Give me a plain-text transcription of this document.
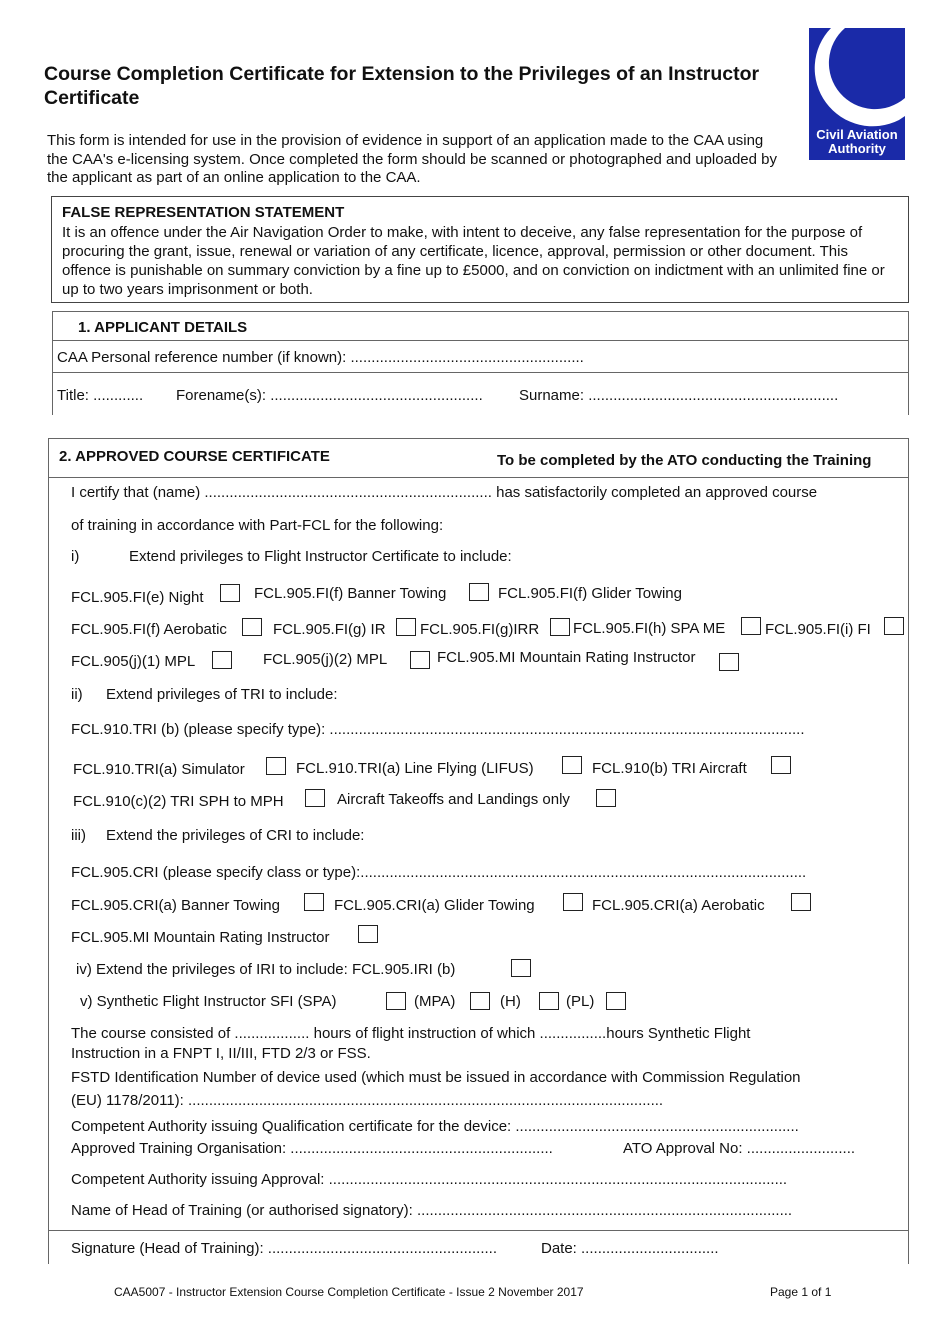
Course Completion Certificate for Extension to the Privileges of an Instructor Certificate
Civil Aviation
Authority
This form is intended for use in the provision of evidence in support of an application made to the CAA using the CAA's e-licensing system. Once completed the form should be scanned or photographed and uploaded by the applicant as part of an online application to the CAA.
FALSE REPRESENTATION STATEMENT
It is an offence under the Air Navigation Order to make, with intent to deceive, any false representation for the purpose of procuring the grant, issue, renewal or variation of any certificate, licence, approval, permission or other document. This offence is punishable on summary conviction by a fine up to £5000, and on conviction on indictment with an unlimited fine or up to two years imprisonment or both.
1. APPLICANT DETAILS
CAA Personal reference number (if known): ........................................................
Title: ............ Forename(s): ................................................... Surname: ............................................................
2. APPROVED COURSE CERTIFICATE	To be completed by the ATO conducting the Training
I certify that (name) ..................................................................... has satisfactorily completed an approved course
of training in accordance with Part-FCL for the following:
i)	Extend privileges to Flight Instructor Certificate to include:
FCL.905.FI(e) Night	FCL.905.FI(f) Banner Towing	FCL.905.FI(f) Glider Towing
FCL.905.FI(f) Aerobatic	FCL.905.FI(g) IR FCL.905.FI(g)IRR FCL.905.FI(h) SPA ME	FCL.905.FI(i) FI
FCL.905(j)(1) MPL	FCL.905(j)(2) MPL	FCL.905.MI Mountain Rating Instructor
ii) Extend privileges of TRI to include:
FCL.910.TRI (b) (please specify type): ..................................................................................................................
FCL.910.TRI(a) Simulator	FCL.910.TRI(a) Line Flying (LIFUS)	FCL.910(b) TRI Aircraft
FCL.910(c)(2) TRI SPH to MPH	Aircraft Takeoffs and Landings only
iii) Extend the privileges of CRI to include:
FCL.905.CRI (please specify class or type):...........................................................................................................
FCL.905.CRI(a) Banner Towing	FCL.905.CRI(a) Glider Towing	FCL.905.CRI(a) Aerobatic
FCL.905.MI Mountain Rating Instructor
iv) Extend the privileges of IRI to include: FCL.905.IRI (b)
v) Synthetic Flight Instructor SFI (SPA)	(MPA)	(H)	(PL)
The course consisted of .................. hours of flight instruction of which ................hours Synthetic Flight
Instruction in a FNPT I, II/III, FTD 2/3 or FSS.
FSTD Identification Number of device used (which must be issued in accordance with Commission Regulation
(EU) 1178/2011): ..................................................................................................................
Competent Authority issuing Qualification certificate for the device: ....................................................................
Approved Training Organisation: ...............................................................	ATO Approval No: ..........................
Competent Authority issuing Approval: ..............................................................................................................
Name of Head of Training (or authorised signatory): ..........................................................................................
Signature (Head of Training): .......................................................	Date: .................................
CAA5007 - Instructor Extension Course Completion Certificate - Issue 2 November 2017	Page 1 of 1
